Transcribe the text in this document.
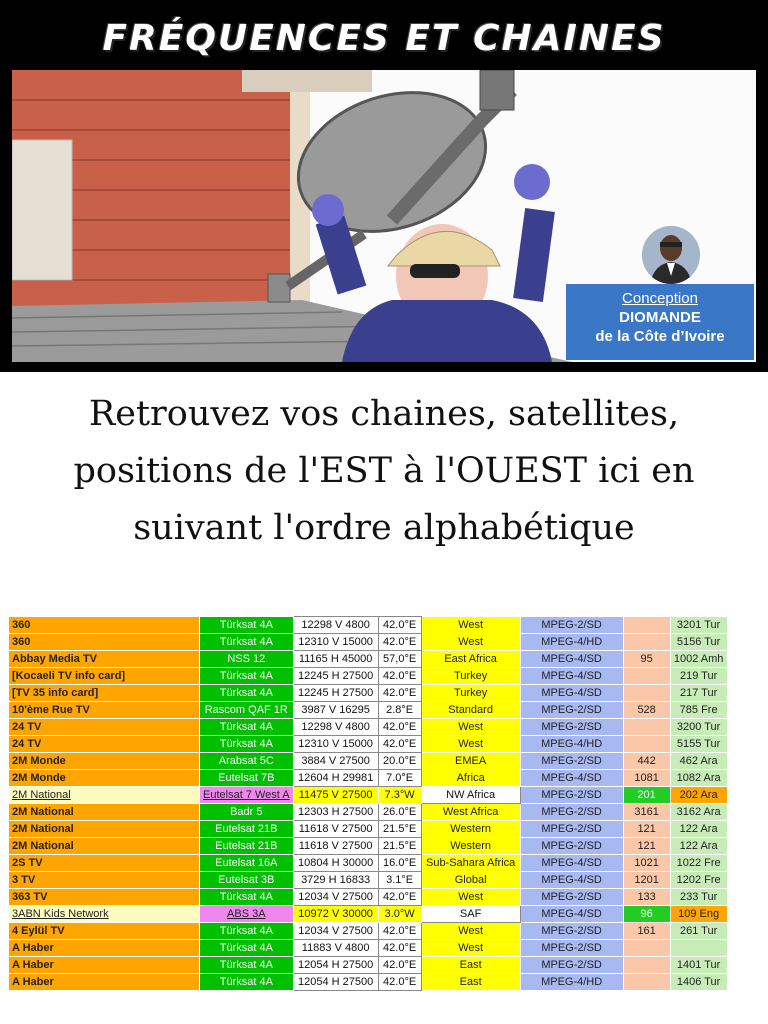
FRÉQUENCES ET CHAINES
Conception
DIOMANDE
de la Côte d’Ivoire
Retrouvez vos chaines, satellites,
positions de l'EST à l'OUEST ici en
suivant l'ordre alphabétique
360	Türksat 4A	12298 V 4800	42.0°E	West	MPEG-2/SD		3201 Tur
360	Türksat 4A	12310 V 15000	42.0°E	West	MPEG-4/HD		5156 Tur
Abbay Media TV	NSS 12	11165 H 45000	57,0°E	East Africa	MPEG-4/SD	95	1002 Amh
[Kocaeli TV info card]	Türksat 4A	12245 H 27500	42.0°E	Turkey	MPEG-4/SD		219 Tur
[TV 35 info card]	Türksat 4A	12245 H 27500	42.0°E	Turkey	MPEG-4/SD		217 Tur
10'ème Rue TV	Rascom QAF 1R	3987 V 16295	2.8°E	Standard	MPEG-2/SD	528	785 Fre
24 TV	Türksat 4A	12298 V 4800	42.0°E	West	MPEG-2/SD		3200 Tur
24 TV	Türksat 4A	12310 V 15000	42.0°E	West	MPEG-4/HD		5155 Tur
2M Monde	Arabsat 5C	3884 V 27500	20.0°E	EMEA	MPEG-2/SD	442	462 Ara
2M Monde	Eutelsat 7B	12604 H 29981	7.0°E	Africa	MPEG-4/SD	1081	1082 Ara
2M National	Eutelsat 7 West A	11475 V 27500	7.3°W	NW Africa	MPEG-2/SD	201	202 Ara
2M National	Badr 5	12303 H 27500	26.0°E	West Africa	MPEG-2/SD	3161	3162 Ara
2M National	Eutelsat 21B	11618 V 27500	21.5°E	Western	MPEG-2/SD	121	122 Ara
2M National	Eutelsat 21B	11618 V 27500	21.5°E	Western	MPEG-2/SD	121	122 Ara
2S TV	Eutelsat 16A	10804 H 30000	16.0°E	Sub-Sahara Africa	MPEG-4/SD	1021	1022 Fre
3 TV	Eutelsat 3B	3729 H 16833	3.1°E	Global	MPEG-4/SD	1201	1202 Fre
363 TV	Türksat 4A	12034 V 27500	42.0°E	West	MPEG-2/SD	133	233 Tur
3ABN Kids Network	ABS 3A	10972 V 30000	3.0°W	SAF	MPEG-4/SD	96	109 Eng
4 Eylül TV	Türksat 4A	12034 V 27500	42.0°E	West	MPEG-2/SD	161	261 Tur
A Haber	Türksat 4A	11883 V 4800	42.0°E	West	MPEG-2/SD		
A Haber	Türksat 4A	12054 H 27500	42.0°E	East	MPEG-2/SD		1401 Tur
A Haber	Türksat 4A	12054 H 27500	42.0°E	East	MPEG-4/HD		1406 Tur
